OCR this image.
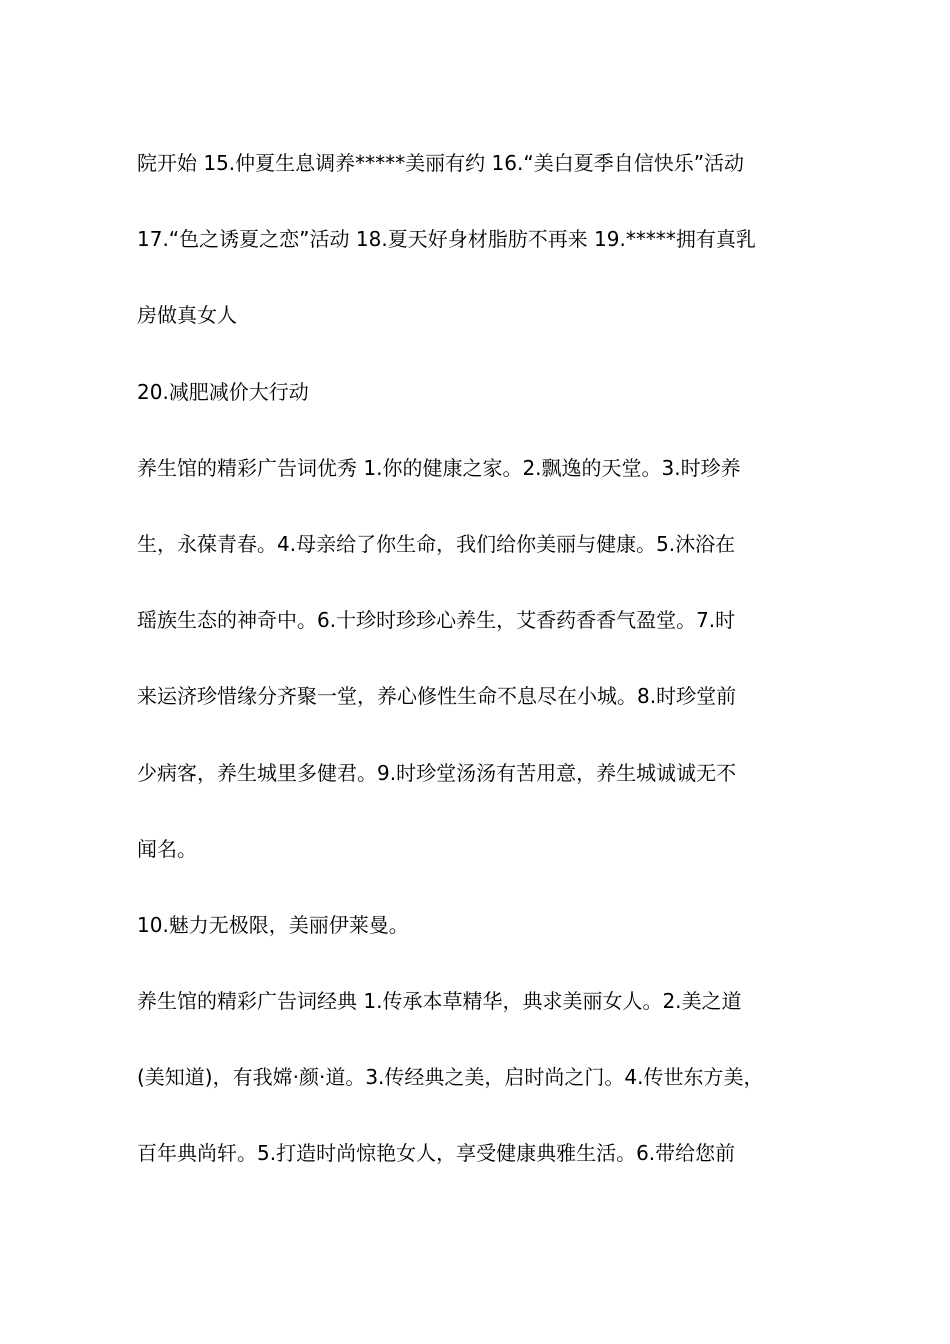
院开始 15.仲夏生息调养*****美丽有约 16.“美白夏季自信快乐”活动
17.“色之诱夏之恋”活动 18.夏天好身材脂肪不再来 19.*****拥有真乳
房做真女人
20.减肥减价大行动
养生馆的精彩广告词优秀 1.你的健康之家。2.飘逸的天堂。3.时珍养
生，永葆青春。4.母亲给了你生命，我们给你美丽与健康。5.沐浴在
瑶族生态的神奇中。6.十珍时珍珍心养生，艾香药香香气盈堂。7.时
来运济珍惜缘分齐聚一堂，养心修性生命不息尽在小城。8.时珍堂前
少病客，养生城里多健君。9.时珍堂汤汤有苦用意，养生城诚诚无不
闻名。
10.魅力无极限，美丽伊莱曼。
养生馆的精彩广告词经典 1.传承本草精华，典求美丽女人。2.美之道
(美知道)，有我嫦·颜·道。3.传经典之美，启时尚之门。4.传世东方美，
百年典尚轩。5.打造时尚惊艳女人，享受健康典雅生活。6.带给您前
